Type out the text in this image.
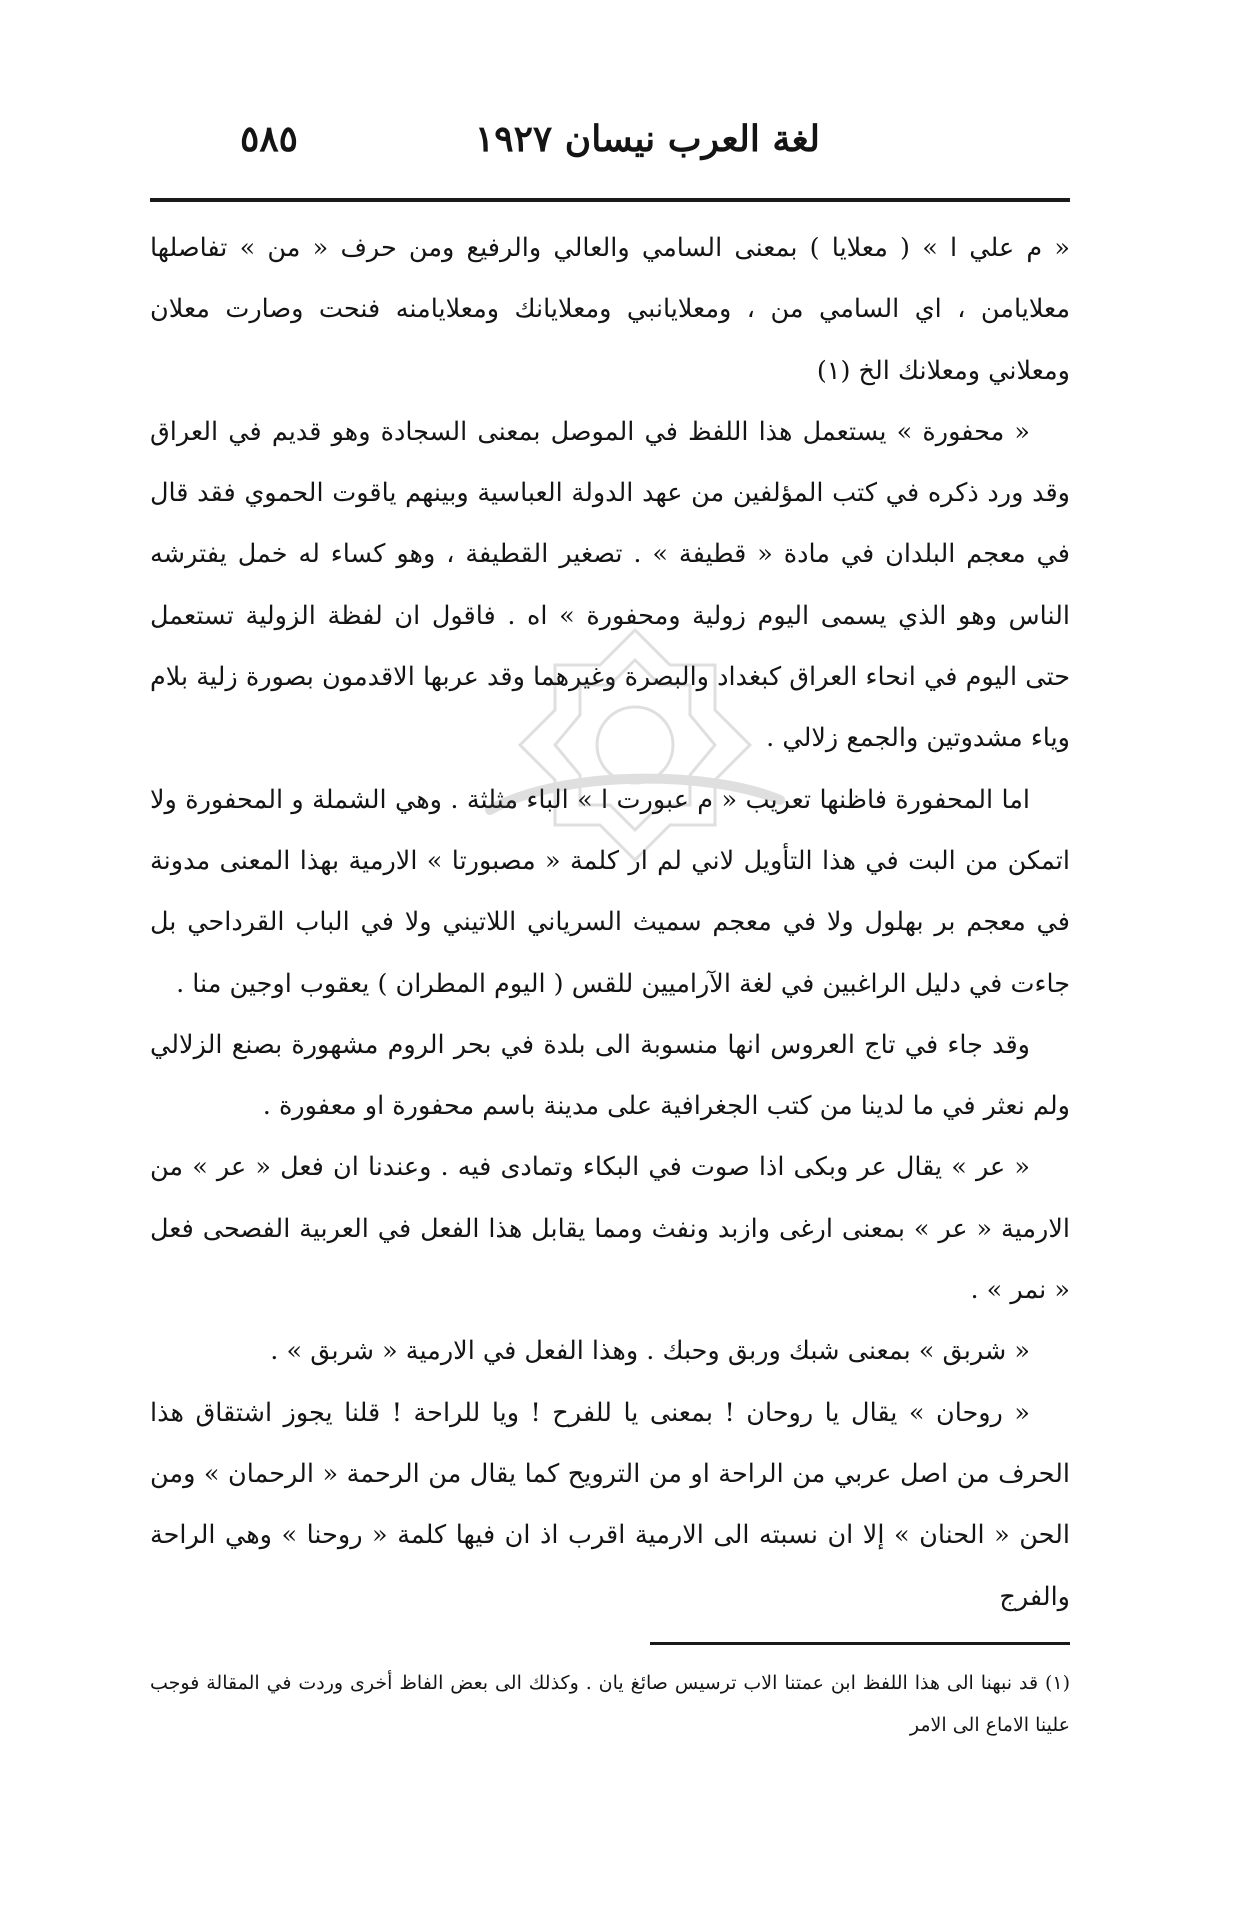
لغة العرب نيسان ١٩٢٧
٥٨٥

« م علي ا » ( معلايا ) بمعنى السامي والعالي والرفيع ومن حرف « من » تفاصلها معلايامن ، اي السامي من ، ومعلايانبي ومعلايانك ومعلايامنه فنحت وصارت معلان ومعلاني ومعلانك الخ (١)

« محفورة » يستعمل هذا اللفظ في الموصل بمعنى السجادة وهو قديم في العراق وقد ورد ذكره في كتب المؤلفين من عهد الدولة العباسية وبينهم ياقوت الحموي فقد قال في معجم البلدان في مادة « قطيفة » . تصغير القطيفة ، وهو كساء له خمل يفترشه الناس وهو الذي يسمى اليوم زولية ومحفورة » اه . فاقول ان لفظة الزولية تستعمل حتى اليوم في انحاء العراق كبغداد والبصرة وغيرهما وقد عربها الاقدمون بصورة زلية بلام وياء مشدوتين والجمع زلالي .

اما المحفورة فاظنها تعريب « م عبورت ا » الباء مثلثة . وهي الشملة و المحفورة ولا اتمكن من البت في هذا التأويل لاني لم ار كلمة « مصبورتا » الارمية بهذا المعنى مدونة في معجم بر بهلول ولا في معجم سميث السرياني اللاتيني ولا في الباب القرداحي بل جاءت في دليل الراغبين في لغة الآراميين للقس ( اليوم المطران ) يعقوب اوجين منا .

وقد جاء في تاج العروس انها منسوبة الى بلدة في بحر الروم مشهورة بصنع الزلالي ولم نعثر في ما لدينا من كتب الجغرافية على مدينة باسم محفورة او معفورة .

« عر » يقال عر وبكى اذا صوت في البكاء وتمادى فيه . وعندنا ان فعل « عر » من الارمية « عر » بمعنى ارغى وازبد ونفث ومما يقابل هذا الفعل في العربية الفصحى فعل « نمر » .

« شربق » بمعنى شبك وربق وحبك . وهذا الفعل في الارمية « شربق » .

« روحان » يقال يا روحان ! بمعنى يا للفرح ! ويا للراحة ! قلنا يجوز اشتقاق هذا الحرف من اصل عربي من الراحة او من الترويح كما يقال من الرحمة « الرحمان » ومن الحن « الحنان » إلا ان نسبته الى الارمية اقرب اذ ان فيها كلمة « روحنا » وهي الراحة والفرج

(١) قد نبهنا الى هذا اللفظ ابن عمتنا الاب ترسيس صائغ يان . وكذلك الى بعض الفاظ أخرى وردت في المقالة فوجب علينا الاماع الى الامر
